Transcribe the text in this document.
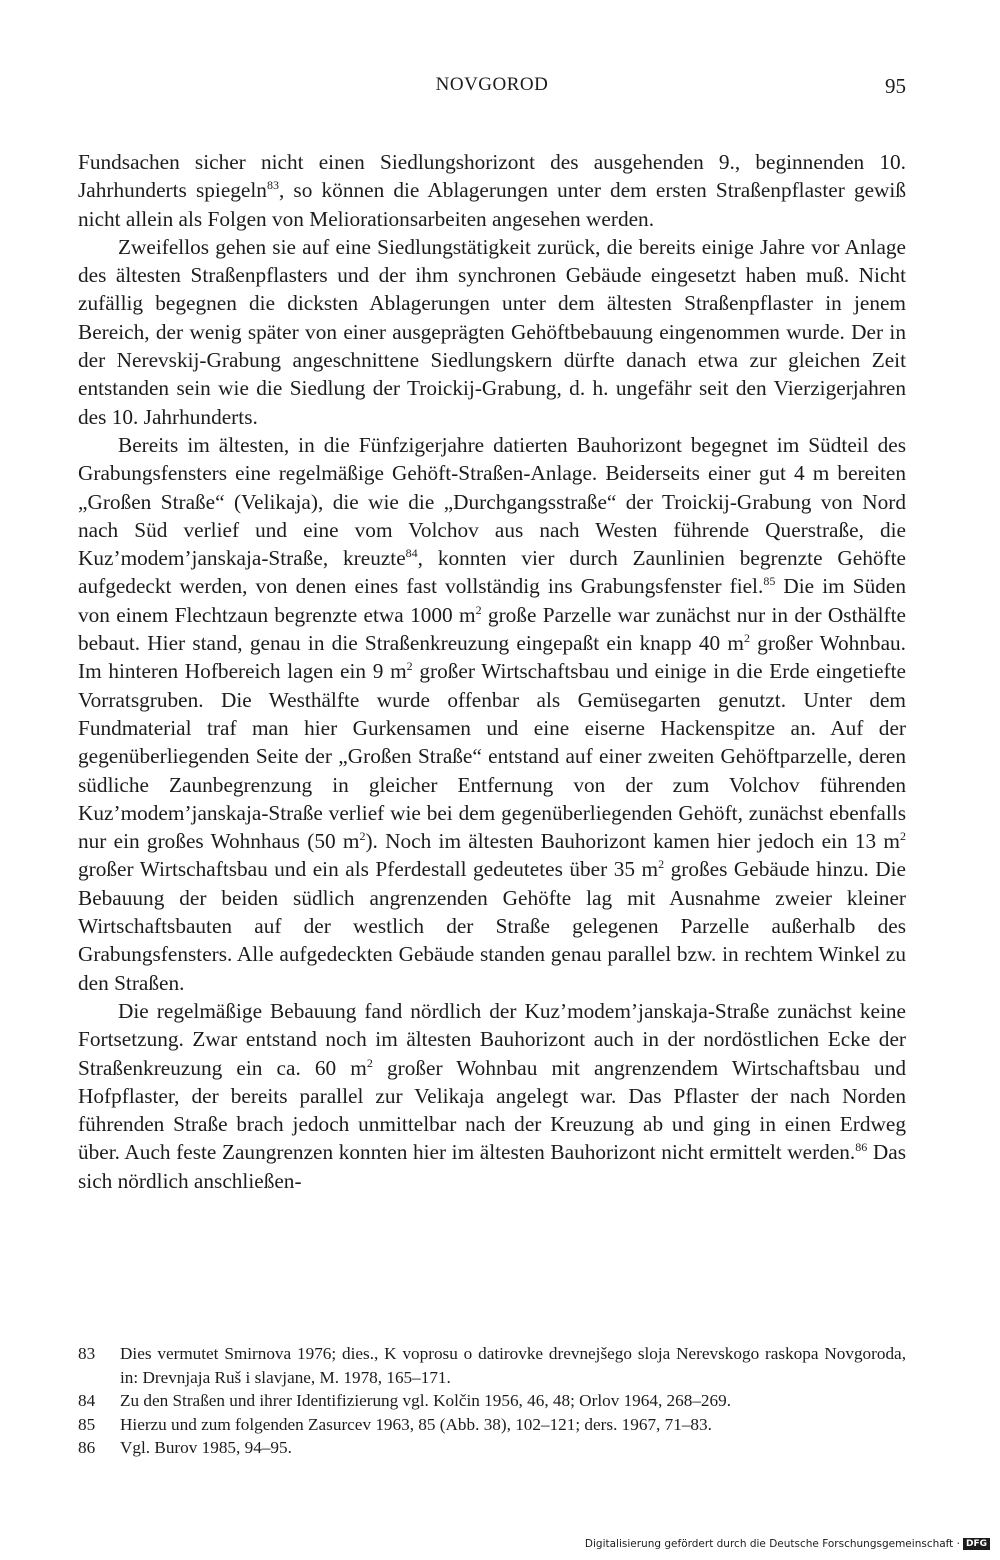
NOVGOROD	95

Fundsachen sicher nicht einen Siedlungshorizont des ausgehenden 9., beginnenden 10. Jahrhunderts spiegeln$^{83}$, so können die Ablagerungen unter dem ersten Straßenpflaster gewiß nicht allein als Folgen von Meliorationsarbeiten angesehen werden.

Zweifellos gehen sie auf eine Siedlungstätigkeit zurück, die bereits einige Jahre vor Anlage des ältesten Straßenpflasters und der ihm synchronen Gebäude eingesetzt haben muß. Nicht zufällig begegnen die dicksten Ablagerungen unter dem ältesten Straßenpflaster in jenem Bereich, der wenig später von einer ausgeprägten Gehöftbebauung eingenommen wurde. Der in der Nerevskij-Grabung angeschnittene Siedlungskern dürfte danach etwa zur gleichen Zeit entstanden sein wie die Siedlung der Troickij-Grabung, d. h. ungefähr seit den Vierzigerjahren des 10. Jahrhunderts.

Bereits im ältesten, in die Fünfzigerjahre datierten Bauhorizont begegnet im Südteil des Grabungsfensters eine regelmäßige Gehöft-Straßen-Anlage. Beiderseits einer gut 4 m bereiten „Großen Straße“ (Velikaja), die wie die „Durchgangsstraße“ der Troickij-Grabung von Nord nach Süd verlief und eine vom Volchov aus nach Westen führende Querstraße, die Kuz’modem’janskaja-Straße, kreuzte$^{84}$, konnten vier durch Zaunlinien begrenzte Gehöfte aufgedeckt werden, von denen eines fast vollständig ins Grabungsfenster fiel.$^{85}$ Die im Süden von einem Flechtzaun begrenzte etwa 1000 $m^2$ große Parzelle war zunächst nur in der Osthälfte bebaut. Hier stand, genau in die Straßenkreuzung eingepaßt ein knapp 40 $m^2$ großer Wohnbau. Im hinteren Hofbereich lagen ein 9 $m^2$ großer Wirtschaftsbau und einige in die Erde eingetiefte Vorratsgruben. Die Westhälfte wurde offenbar als Gemüsegarten genutzt. Unter dem Fundmaterial traf man hier Gurkensamen und eine eiserne Hackenspitze an. Auf der gegenüberliegenden Seite der „Großen Straße“ entstand auf einer zweiten Gehöftparzelle, deren südliche Zaunbegrenzung in gleicher Entfernung von der zum Volchov führenden Kuz’modem’janskaja-Straße verlief wie bei dem gegenüberliegenden Gehöft, zunächst ebenfalls nur ein großes Wohnhaus (50 $m^2$). Noch im ältesten Bauhorizont kamen hier jedoch ein 13 $m^2$ großer Wirtschaftsbau und ein als Pferdestall gedeutetes über 35 $m^2$ großes Gebäude hinzu. Die Bebauung der beiden südlich angrenzenden Gehöfte lag mit Ausnahme zweier kleiner Wirtschaftsbauten auf der westlich der Straße gelegenen Parzelle außerhalb des Grabungsfensters. Alle aufgedeckten Gebäude standen genau parallel bzw. in rechtem Winkel zu den Straßen.

Die regelmäßige Bebauung fand nördlich der Kuz’modem’janskaja-Straße zunächst keine Fortsetzung. Zwar entstand noch im ältesten Bauhorizont auch in der nordöstlichen Ecke der Straßenkreuzung ein ca. 60 $m^2$ großer Wohnbau mit angrenzendem Wirtschaftsbau und Hofpflaster, der bereits parallel zur Velikaja angelegt war. Das Pflaster der nach Norden führenden Straße brach jedoch unmittelbar nach der Kreuzung ab und ging in einen Erdweg über. Auch feste Zaungrenzen konnten hier im ältesten Bauhorizont nicht ermittelt werden.$^{86}$ Das sich nördlich anschließen-

83	Dies vermutet Smirnova 1976; dies., K voprosu o datirovke drevnejšego sloja Nerevskogo raskopa Novgoroda, in: Drevnjaja Ruš i slavjane, M. 1978, 165–171.
84	Zu den Straßen und ihrer Identifizierung vgl. Kolčin 1956, 46, 48; Orlov 1964, 268–269.
85	Hierzu und zum folgenden Zasurcev 1963, 85 (Abb. 38), 102–121; ders. 1967, 71–83.
86	Vgl. Burov 1985, 94–95.
Digitalisierung gefördert durch die Deutsche Forschungsgemeinschaft · DFG
